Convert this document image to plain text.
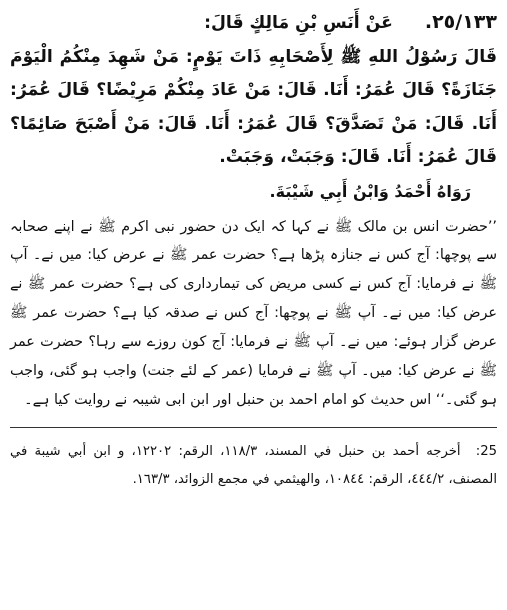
٢٥/١٣٣.
عَنْ أَنَسِ بْنِ مَالِكٍ قَالَ:
قَالَ رَسُوْلُ اللهِ ﷺ لِأَصْحَابِهِ ذَاتَ يَوْمٍ: مَنْ شَهِدَ مِنْكُمُ الْيَوْمَ جَنَازَةً؟ قَالَ عُمَرُ: أَنَا. قَالَ: مَنْ عَادَ مِنْكُمْ مَرِيْضًا؟ قَالَ عُمَرُ: أَنَا. قَالَ: مَنْ تَصَدَّقَ؟ قَالَ عُمَرُ: أَنَا. قَالَ: مَنْ أَصْبَحَ صَائِمًا؟ قَالَ عُمَرُ: أَنَا. قَالَ: وَجَبَتْ، وَجَبَتْ.
رَوَاهُ أَحْمَدُ وَابْنُ أَبِي شَيْبَةَ.
’’حضرت انس بن مالک ﷺ نے کہا کہ ایک دن حضور نبی اکرم ﷺ نے اپنے صحابہ سے پوچھا: آج کس نے جنازہ پڑھا ہے؟ حضرت عمر ﷺ نے عرض کیا: میں نے۔ آپ ﷺ نے فرمایا: آج کس نے کسی مریض کی تیمارداری کی ہے؟ حضرت عمر ﷺ نے عرض کیا: میں نے۔ آپ ﷺ نے پوچھا: آج کس نے صدقہ کیا ہے؟ حضرت عمر ﷺ عرض گزار ہوئے: میں نے۔ آپ ﷺ نے فرمایا: آج کون روزے سے رہا؟ حضرت عمر ﷺ نے عرض کیا: میں۔ آپ ﷺ نے فرمایا (عمر کے لئے جنت) واجب ہو گئی، واجب ہو گئی۔‘‘ اس حدیث کو امام احمد بن حنبل اور ابن ابی شیبہ نے روایت کیا ہے۔
25: أخرجه أحمد بن حنبل في المسند، ١١٨/٣، الرقم: ١٢٢٠٢، و ابن أبي شيبة في المصنف، ٤٤٤/٢، الرقم: ١٠٨٤٤، والهيثمي في مجمع الزوائد، ١٦٣/٣.
